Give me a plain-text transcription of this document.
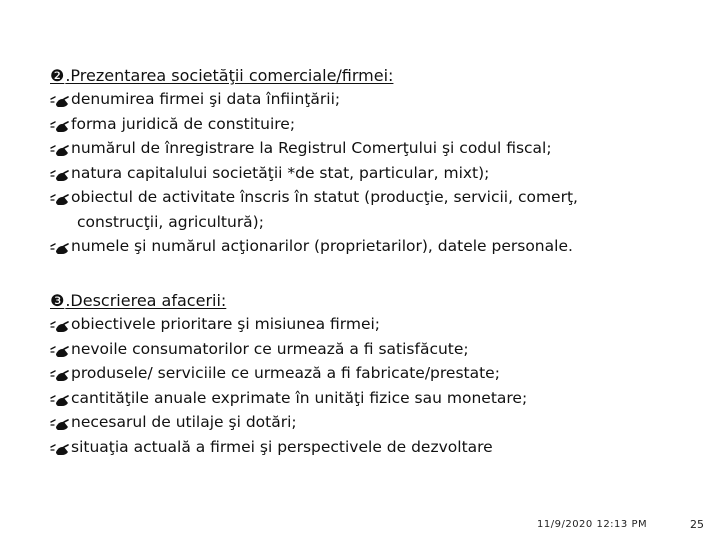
❷.Prezentarea societăţii comerciale/firmei:
denumirea firmei şi data înfiinţării;
forma juridică de constituire;
numărul de înregistrare la Registrul Comerţului şi codul fiscal;
natura capitalului societăţii *de stat, particular, mixt);
obiectul de activitate înscris în statut (producţie, servicii, comerţ,
construcţii, agricultură);
numele şi numărul acţionarilor (proprietarilor), datele personale.
❸.Descrierea afacerii:
obiectivele prioritare şi misiunea firmei;
nevoile consumatorilor ce urmează a fi satisfăcute;
produsele/ serviciile ce urmează a fi fabricate/prestate;
cantităţile anuale exprimate în unităţi fizice sau monetare;
necesarul de utilaje şi dotări;
situaţia actuală a firmei şi perspectivele de dezvoltare
11/9/2020 12:13 PM	25
